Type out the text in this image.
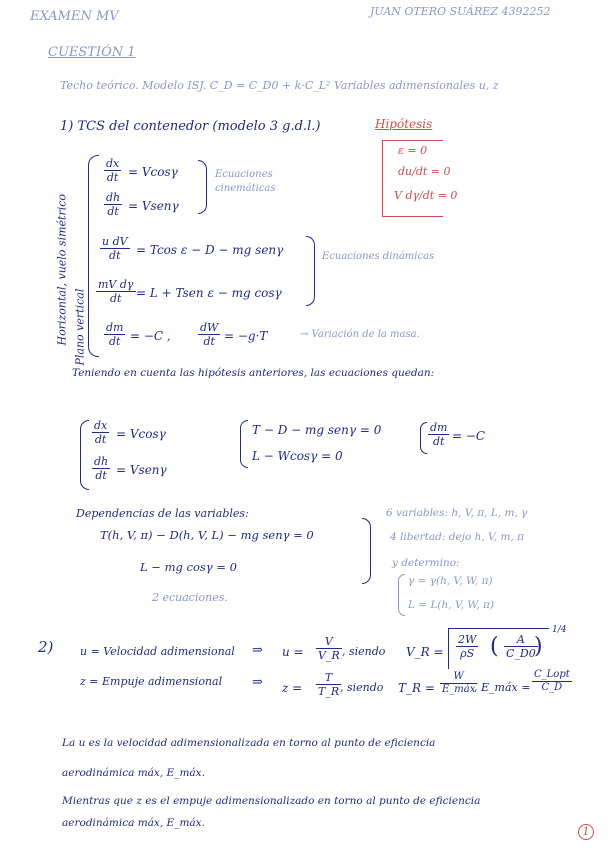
EXAMEN MV	JUAN OTERO SUÁREZ 4392252
CUESTIÓN 1
Techo teórico. Modelo ISJ. C_D = C_D0 + k·C_L² Variables adimensionales u, z
1) TCS del contenedor (modelo 3 g.d.l.)	Hipótesis
ε = 0
du/dt = 0
V dγ/dt = 0
Horizontal, vuelo simétrico Plano vertical
dx
dt = Vcosγ
dh
dt = Vsenγ
Ecuaciones cinemáticas
u dV
dt = Tcos ε − D − mg senγ
mV dγ
dt = L + Tsen ε − mg cosγ
Ecuaciones dinámicas
dm
dt = −C ,
dW
dt = −g·T	→ Variación de la masa.
Teniendo en cuenta las hipótesis anteriores, las ecuaciones quedan:
dx
dt = Vcosγ
dh
dt = Vsenγ
T − D − mg senγ = 0
L − Wcosγ = 0
dm
dt = −C
Dependencias de las variables:
T(h, V, π) − D(h, V, L) − mg senγ = 0
L − mg cosγ = 0
2 ecuaciones.
6 variables: h, V, π, L, m, γ
4 libertad: dejo h, V, m, π
y determino:
γ = γ(h, V, W, π)
L = L(h, V, W, π)
2) u = Velocidad adimensional ⇒ u =
V
V_R , siendo V_R =
2W
ρS ( A
C_D0
)
1/4
z = Empuje adimensional ⇒ z =
T
T_R , siendo T_R =
W
E_máx
, E_máx =
C_Lopt
C_D
La u es la velocidad adimensionalizada en torno al punto de eficiencia
aerodinámica máx, E_máx.
Mientras que z es el empuje adimensionalizado en torno al punto de eficiencia
aerodinámica máx, E_máx.
1
